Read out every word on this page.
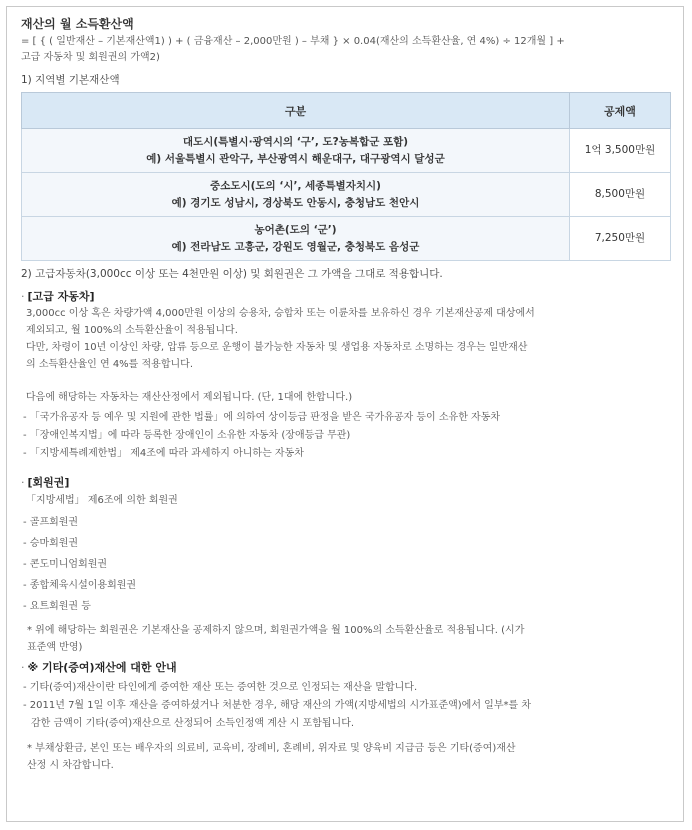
재산의 월 소득환산액
= [ { ( 일반재산 – 기본재산액1) ) + ( 금융재산 – 2,000만원 ) – 부채 } × 0.04(재산의 소득환산율, 연 4%) ÷ 12개월 ] +
고급 자동차 및 회원권의 가액2)
1) 지역별 기본재산액
구분	공제액

대도시(특별시·광역시의 ‘구’, 도?농복합군 포함)
예) 서울특별시 관악구, 부산광역시 해운대구, 대구광역시 달성군	1억 3,500만원

중소도시(도의 ‘시’, 세종특별자치시)
예) 경기도 성남시, 경상북도 안동시, 충청남도 천안시	8,500만원

농어촌(도의 ‘군’)
예) 전라남도 고흥군, 강원도 영월군, 충청북도 음성군	7,250만원
2) 고급자동차(3,000cc 이상 또는 4천만원 이상) 및 회원권은 그 가액을 그대로 적용합니다.
· [고급 자동차]
3,000cc 이상 혹은 차량가액 4,000만원 이상의 승용차, 승합차 또는 이륜차를 보유하신 경우 기본재산공제 대상에서
제외되고, 월 100%의 소득환산율이 적용됩니다.
다만, 차령이 10년 이상인 차량, 압류 등으로 운행이 불가능한 자동차 및 생업용 자동차로 소명하는 경우는 일반재산
의 소득환산율인 연 4%를 적용합니다.
다음에 해당하는 자동차는 재산산정에서 제외됩니다. (단, 1대에 한합니다.)
- 「국가유공자 등 예우 및 지원에 관한 법률」에 의하여 상이등급 판정을 받은 국가유공자 등이 소유한 자동차
- 「장애인복지법」에 따라 등록한 장애인이 소유한 자동차 (장애등급 무관)
- 「지방세특례제한법」 제4조에 따라 과세하지 아니하는 자동차
· [회원권]
「지방세법」 제6조에 의한 회원권
- 골프회원권
- 승마회원권
- 콘도미니엄회원권
- 종합체육시설이용회원권
- 요트회원권 등
* 위에 해당하는 회원권은 기본재산을 공제하지 않으며, 회원권가액을 월 100%의 소득환산율로 적용됩니다. (시가
표준액 반영)
· ※ 기타(증여)재산에 대한 안내
- 기타(증여)재산이란 타인에게 증여한 재산 또는 증여한 것으로 인정되는 재산을 말합니다.
- 2011년 7월 1일 이후 재산을 증여하셨거나 처분한 경우, 해당 재산의 가액(지방세법의 시가표준액)에서 일부*를 차
감한 금액이 기타(증여)재산으로 산정되어 소득인정액 계산 시 포함됩니다.
* 부채상환금, 본인 또는 배우자의 의료비, 교육비, 장례비, 혼례비, 위자료 및 양육비 지급금 등은 기타(증여)재산
산정 시 차감합니다.
